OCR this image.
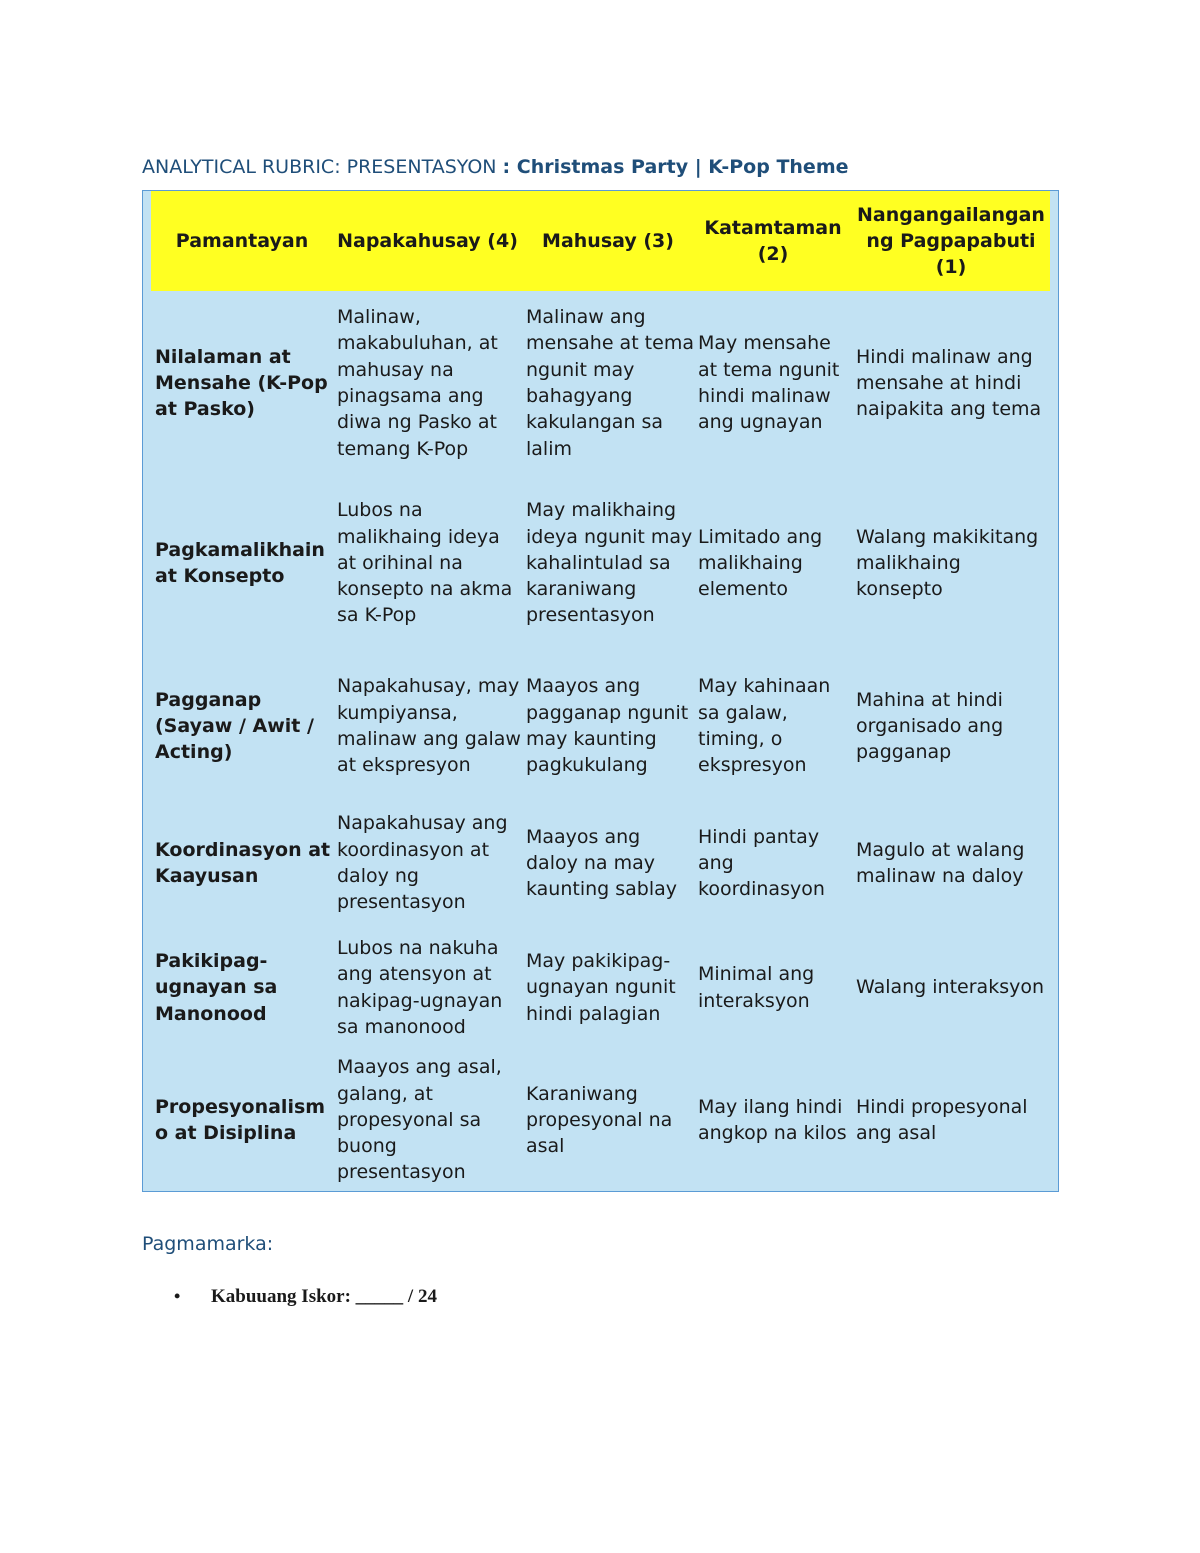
ANALYTICAL RUBRIC: PRESENTASYON : Christmas Party | K-Pop Theme
Pamantayan	Napakahusay (4)	Mahusay (3)	Katamtaman (2)	Nangangailangan ng Pagpapabuti (1)
Nilalaman at Mensahe (K-Pop at Pasko)	Malinaw, makabuluhan, at mahusay na pinagsama ang diwa ng Pasko at temang K-Pop	Malinaw ang mensahe at tema ngunit may bahagyang kakulangan sa lalim	May mensahe at tema ngunit hindi malinaw ang ugnayan	Hindi malinaw ang mensahe at hindi naipakita ang tema
Pagkamalikhain at Konsepto	Lubos na malikhaing ideya at orihinal na konsepto na akma sa K-Pop	May malikhaing ideya ngunit may kahalintulad sa karaniwang presentasyon	Limitado ang malikhaing elemento	Walang makikitang malikhaing konsepto
Pagganap (Sayaw / Awit / Acting)	Napakahusay, may kumpiyansa, malinaw ang galaw at ekspresyon	Maayos ang pagganap ngunit may kaunting pagkukulang	May kahinaan sa galaw, timing, o ekspresyon	Mahina at hindi organisado ang pagganap
Koordinasyon at Kaayusan	Napakahusay ang koordinasyon at daloy ng presentasyon	Maayos ang daloy na may kaunting sablay	Hindi pantay ang koordinasyon	Magulo at walang malinaw na daloy
Pakikipag-ugnayan sa Manonood	Lubos na nakuha ang atensyon at nakipag-ugnayan sa manonood	May pakikipag-ugnayan ngunit hindi palagian	Minimal ang interaksyon	Walang interaksyon
Propesyonalismo at Disiplina	Maayos ang asal, galang, at propesyonal sa buong presentasyon	Karaniwang propesyonal na asal	May ilang hindi angkop na kilos	Hindi propesyonal ang asal
Pagmamarka:
• Kabuuang Iskor: _____ / 24
